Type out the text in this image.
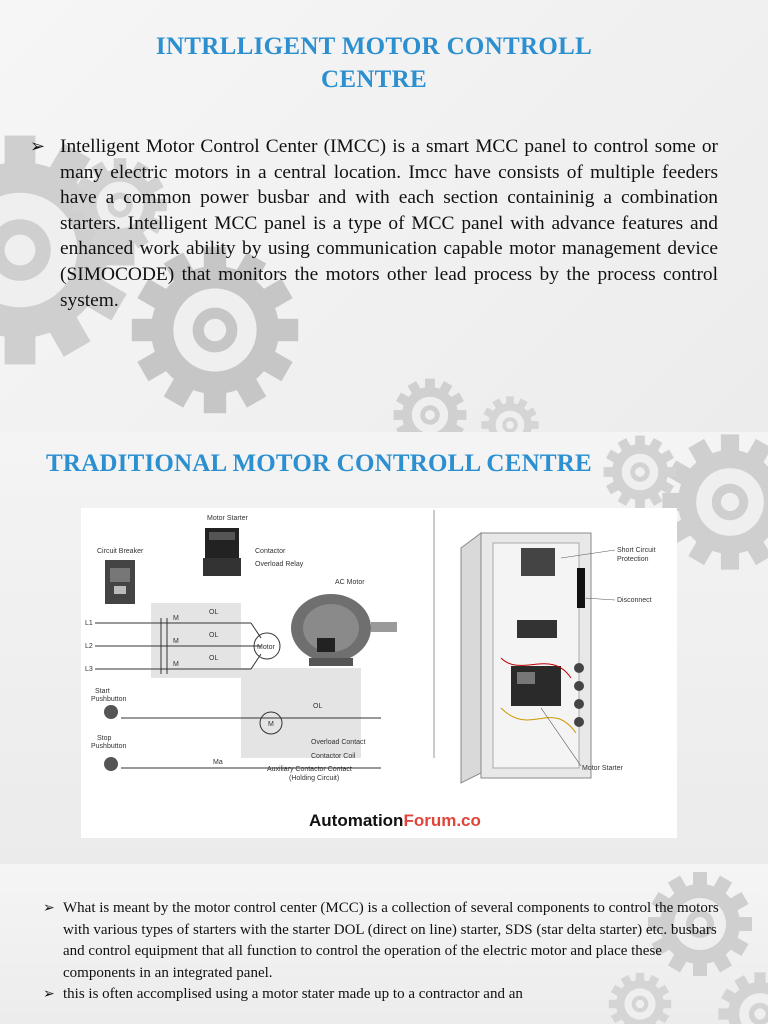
INTRLLIGENT MOTOR CONTROLL
CENTRE
➢ Intelligent Motor Control Center (IMCC) is a smart MCC panel to control some or many electric motors in a central location. Imcc have consists of multiple feeders have a common power busbar and with each section containinig a combination starters. Intelligent MCC panel is a type of MCC panel with advance features and enhanced work ability by using communication capable motor management device (SIMOCODE) that monitors the motors other lead process by the process control system.
TRADITIONAL MOTOR CONTROLL CENTRE
Motor Starter
Circuit Breaker	Contactor
Overload Relay
AC Motor
L1
L2
L3
M
M
M
OL
OL
OL
Motor
M
OL
Start
Pushbutton
Stop
Pushbutton
Overload Contact
Contactor Coil
Auxiliary Contactor Contact
(Holding Circuit)
Ma
Short Circuit
Protection
Disconnect
Motor Starter
AutomationForum.co

➢ What is meant by the motor control center (MCC) is a collection of several components to control the motors with various types of starters with the starter DOL (direct on line) starter, SDS (star delta starter) etc. busbars and control equipment that all function to control the operation of the electric motor and place these components in an integrated panel.

➢ this is often accomplised using a motor stater made up to a contractor and an
